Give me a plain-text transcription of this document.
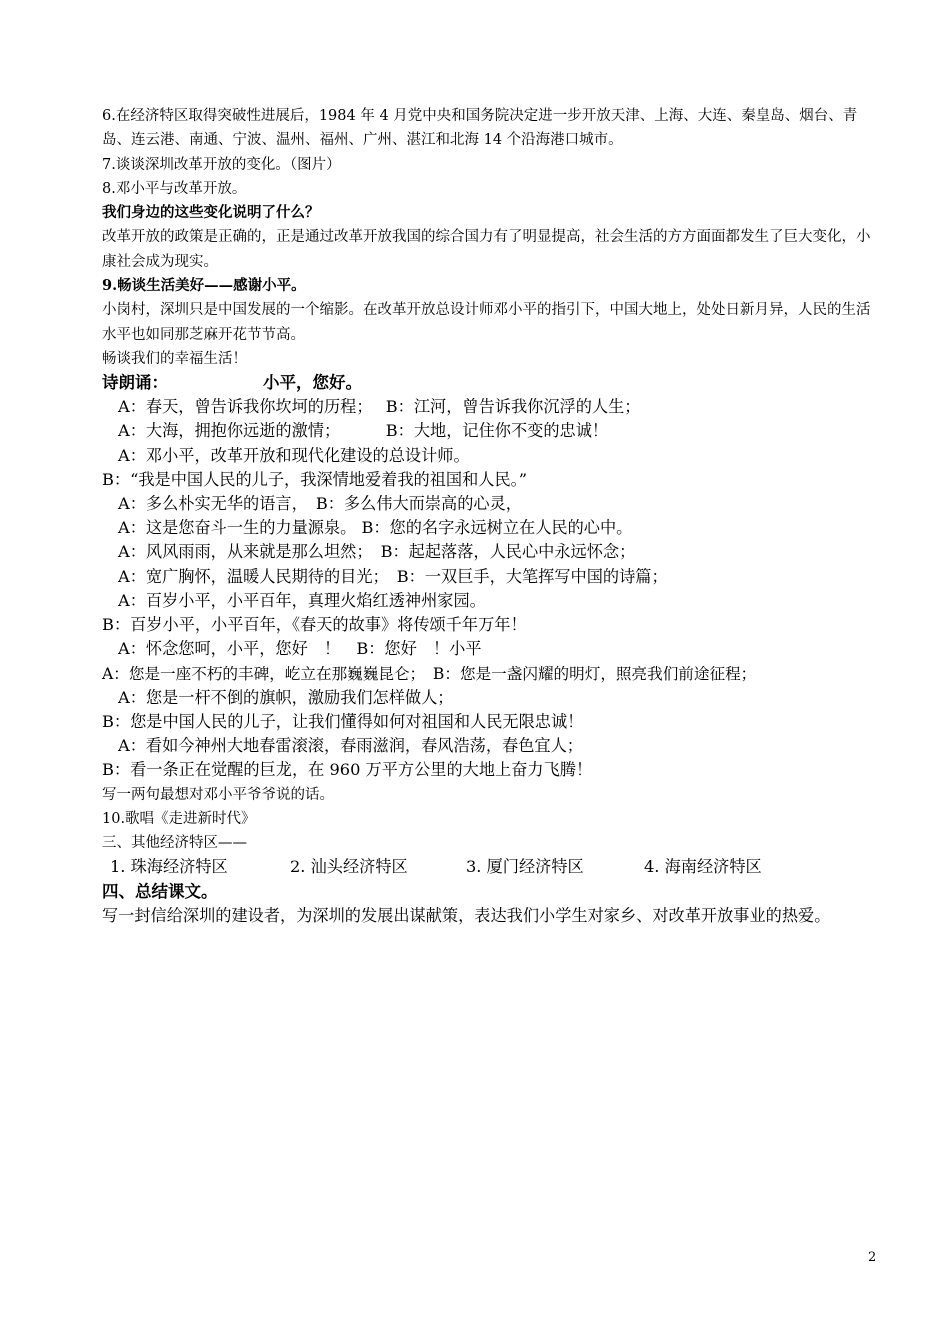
6.在经济特区取得突破性进展后，1984 年 4 月党中央和国务院决定进一步开放天津、上海、大连、秦皇岛、烟台、青岛、连云港、南通、宁波、温州、福州、广州、湛江和北海 14 个沿海港口城市。
7.谈谈深圳改革开放的变化。（图片）
8.邓小平与改革开放。
我们身边的这些变化说明了什么？
改革开放的政策是正确的，正是通过改革开放我国的综合国力有了明显提高，社会生活的方方面面都发生了巨大变化，小康社会成为现实。
9.畅谈生活美好——感谢小平。
小岗村，深圳只是中国发展的一个缩影。在改革开放总设计师邓小平的指引下，中国大地上，处处日新月异，人民的生活水平也如同那芝麻开花节节高。
畅谈我们的幸福生活！
诗朗诵：	小平，您好。
A：春天，曾告诉我你坎坷的历程；　 B：江河，曾告诉我你沉浮的人生；
A：大海，拥抱你远逝的激情；　　　 B：大地，记住你不变的忠诚！
A：邓小平，改革开放和现代化建设的总设计师。
B：“我是中国人民的儿子，我深情地爱着我的祖国和人民。”
A：多么朴实无华的语言，　B：多么伟大而崇高的心灵，
A：这是您奋斗一生的力量源泉。 B：您的名字永远树立在人民的心中。
A：风风雨雨，从来就是那么坦然；　B：起起落落，人民心中永远怀念；
A：宽广胸怀，温暖人民期待的目光；　B：一双巨手，大笔挥写中国的诗篇；
A：百岁小平，小平百年，真理火焰红透神州家园。
B：百岁小平，小平百年，《春天的故事》将传颂千年万年！
A：怀念您呵，小平，您好　！　B：您好　！小平
A：您是一座不朽的丰碑，屹立在那巍巍昆仑；　B：您是一盏闪耀的明灯，照亮我们前途征程；
A：您是一杆不倒的旗帜，激励我们怎样做人；
B：您是中国人民的儿子，让我们懂得如何对祖国和人民无限忠诚！
A：看如今神州大地春雷滚滚，春雨滋润，春风浩荡，春色宜人；
B：看一条正在觉醒的巨龙，在 960 万平方公里的大地上奋力飞腾！
写一两句最想对邓小平爷爷说的话。
10.歌唱《走进新时代》
三、其他经济特区——
1. 珠海经济特区	2. 汕头经济特区	3. 厦门经济特区	4. 海南经济特区
四、总结课文。
写一封信给深圳的建设者，为深圳的发展出谋献策，表达我们小学生对家乡、对改革开放事业的热爱。
2
